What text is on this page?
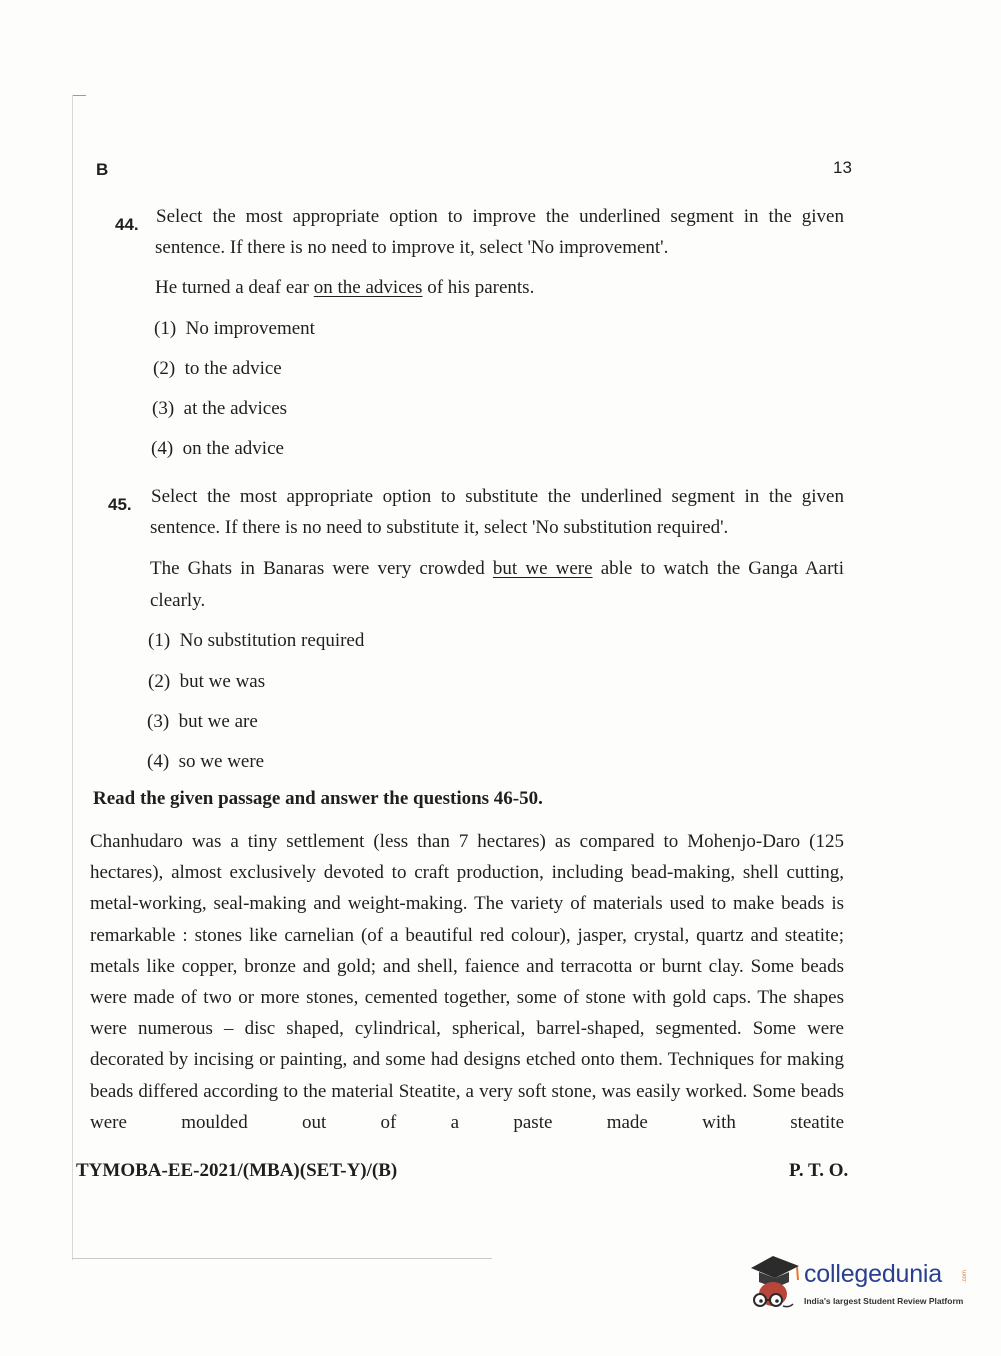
B	13
44. Select the most appropriate option to improve the underlined segment in the given
sentence. If there is no need to improve it, select 'No improvement'.
He turned a deaf ear on the advices of his parents.
(1)  No improvement
(2)  to the advice
(3)  at the advices
(4)  on the advice
45. Select the most appropriate option to substitute the underlined segment in the given
sentence. If there is no need to substitute it, select 'No substitution required'.
The Ghats in Banaras were very crowded but we were able to watch the Ganga Aarti
clearly.
(1)  No substitution required
(2)  but we was
(3)  but we are
(4)  so we were
Read the given passage and answer the questions 46-50.
Chanhudaro was a tiny settlement (less than 7 hectares) as compared to Mohenjo-Daro (125 hectares), almost exclusively devoted to craft production, including bead-making, shell cutting, metal-working, seal-making and weight-making. The variety of materials used to make beads is remarkable : stones like carnelian (of a beautiful red colour), jasper, crystal, quartz and steatite; metals like copper, bronze and gold; and shell, faience and terracotta or burnt clay. Some beads were made of two or more stones, cemented together, some of stone with gold caps. The shapes were numerous – disc shaped, cylindrical, spherical, barrel-shaped, segmented. Some were decorated by incising or painting, and some had designs etched onto them. Techniques for making beads differed according to the material Steatite, a very soft stone, was easily worked. Some beads were moulded out of a paste made with steatite
TYMOBA-EE-2021/(MBA)(SET-Y)/(B)	P. T. O.
collegedunia	.com
India's largest Student Review Platform
